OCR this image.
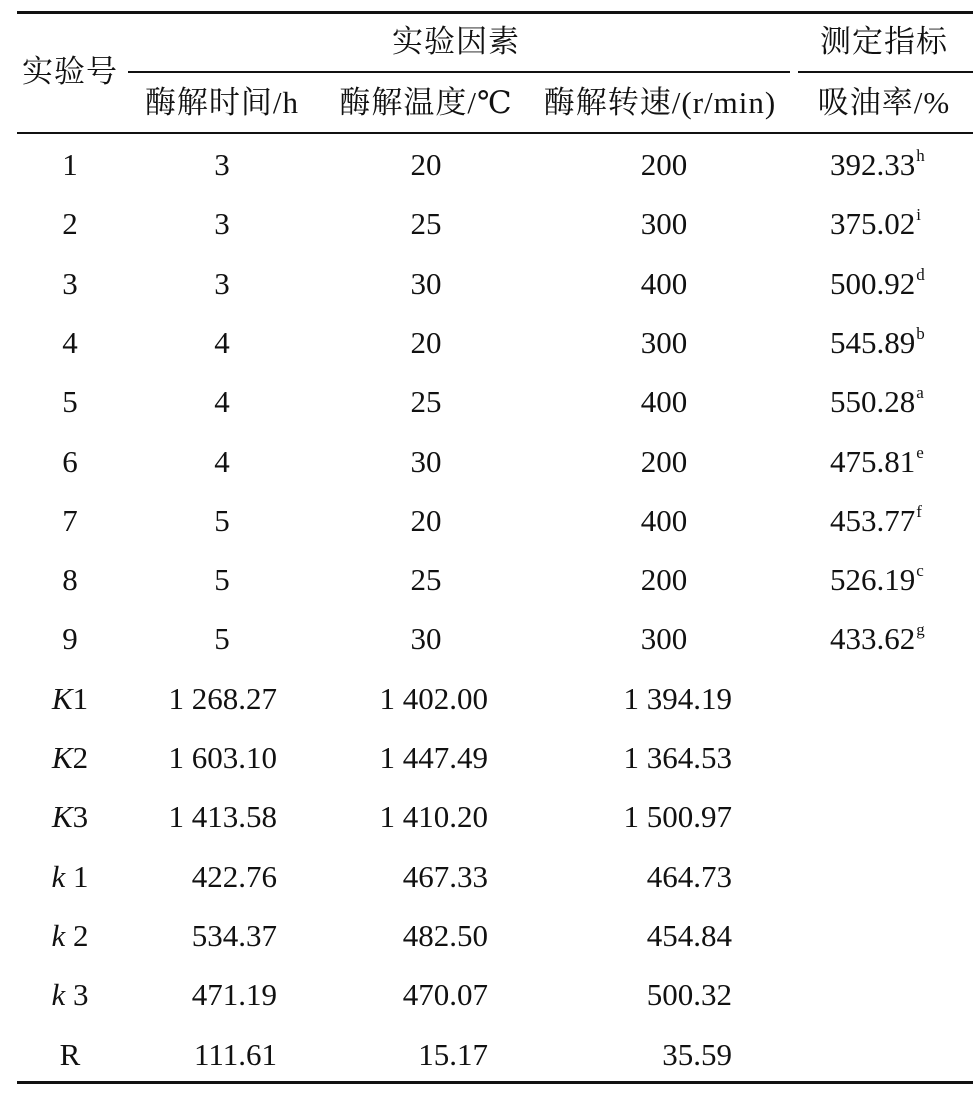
实验号
实验因素	测定指标
酶解时间/h 酶解温度/℃ 酶解转速/(r/min) 吸油率/%
1	3	20	200	392.33$^h$
2	3	25	300	375.02$^i$
3	3	30	400	500.92$^d$
4	4	20	300	545.89$^b$
5	4	25	400	550.28$^a$
6	4	30	200	475.81e
7	5	20	400	453.77$^f$
8	5	25	200	526.19$^c$
9	5	30	300	433.62$^g$
K1	1 268.27	1 402.00	1 394.19
K2	1 603.10	1 447.49	1 364.53
K3	1 413.58	1 410.20	1 500.97
k 1	422.76	467.33	464.73
k 2	534.37	482.50	454.84
k 3	471.19	470.07	500.32
R	111.61	15.17	35.59
